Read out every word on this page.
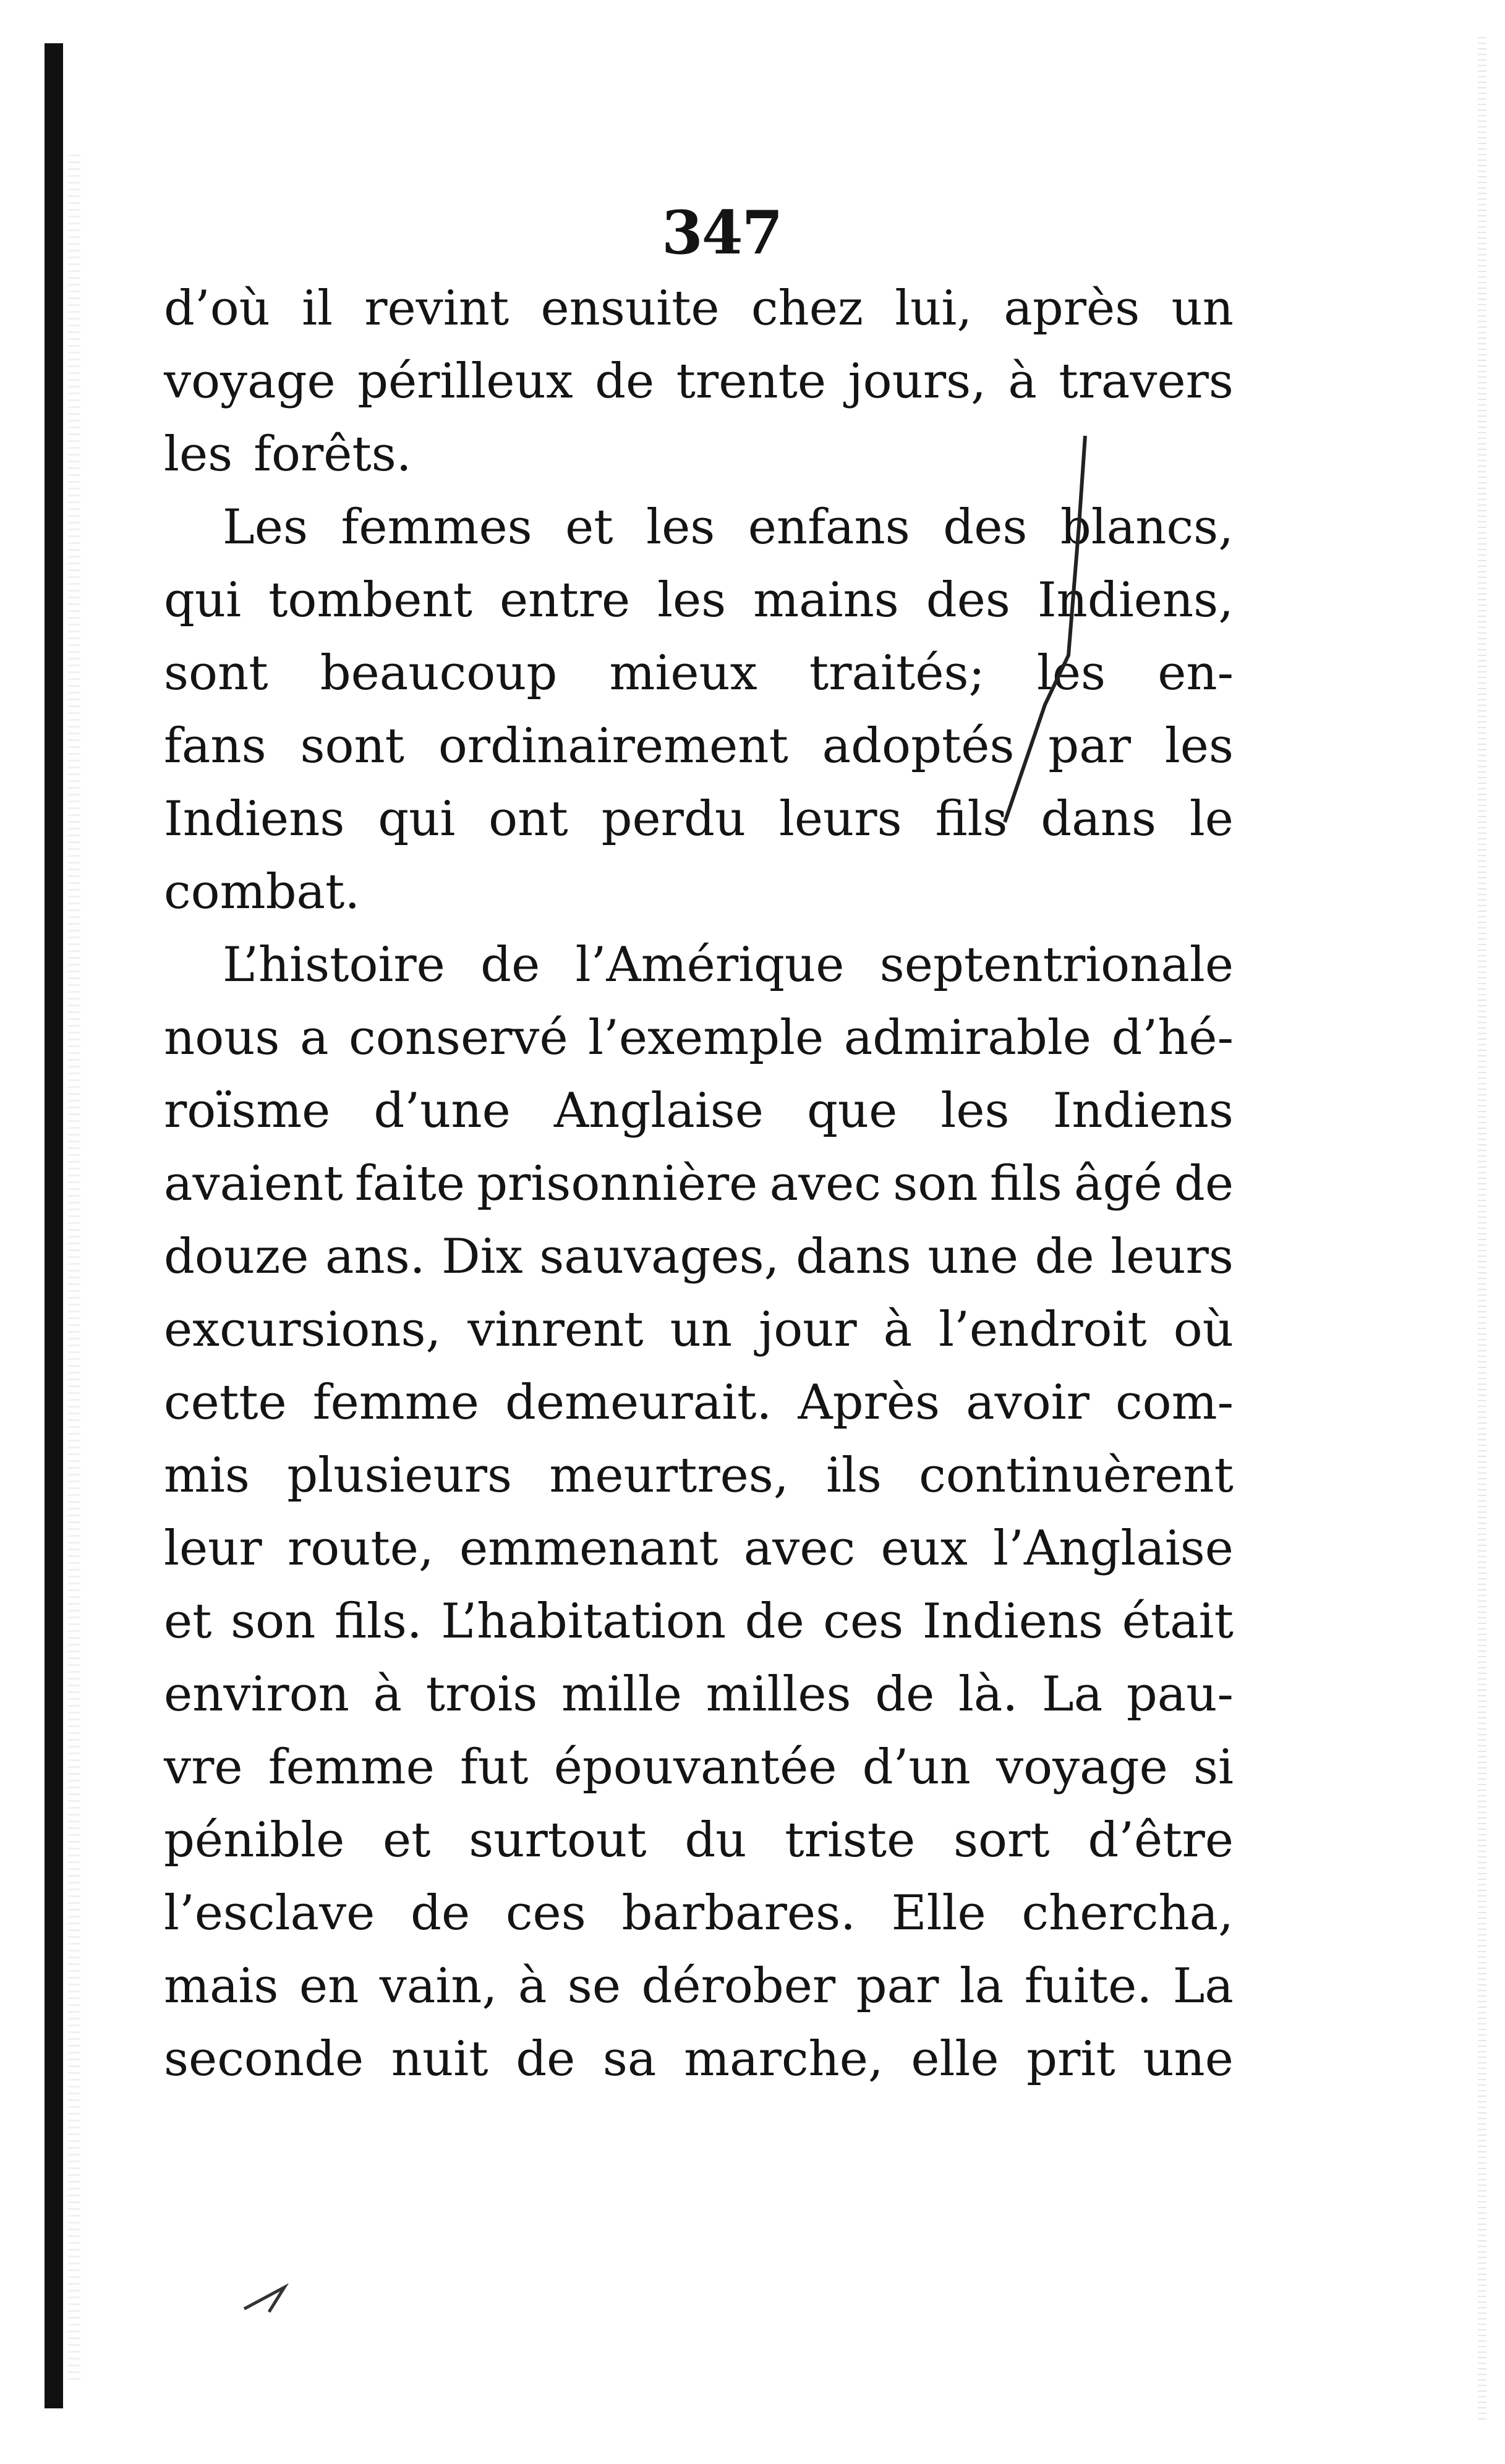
347
d’où il revint ensuite chez lui, après un
voyage périlleux de trente jours, à travers
les forêts.
Les femmes et les enfans des blancs,
qui tombent entre les mains des Indiens,
sont beaucoup mieux traités; les en-
fans sont ordinairement adoptés par les
Indiens qui ont perdu leurs fils dans le
combat.
L’histoire de l’Amérique septentrionale
nous a conservé l’exemple admirable d’hé-
roïsme d’une Anglaise que les Indiens
avaient faite prisonnière avec son fils âgé de
douze ans. Dix sauvages, dans une de leurs
excursions, vinrent un jour à l’endroit où
cette femme demeurait. Après avoir com-
mis plusieurs meurtres, ils continuèrent
leur route, emmenant avec eux l’Anglaise
et son fils. L’habitation de ces Indiens était
environ à trois mille milles de là. La pau-
vre femme fut épouvantée d’un voyage si
pénible et surtout du triste sort d’être
l’esclave de ces barbares. Elle chercha,
mais en vain, à se dérober par la fuite. La
seconde nuit de sa marche, elle prit une
